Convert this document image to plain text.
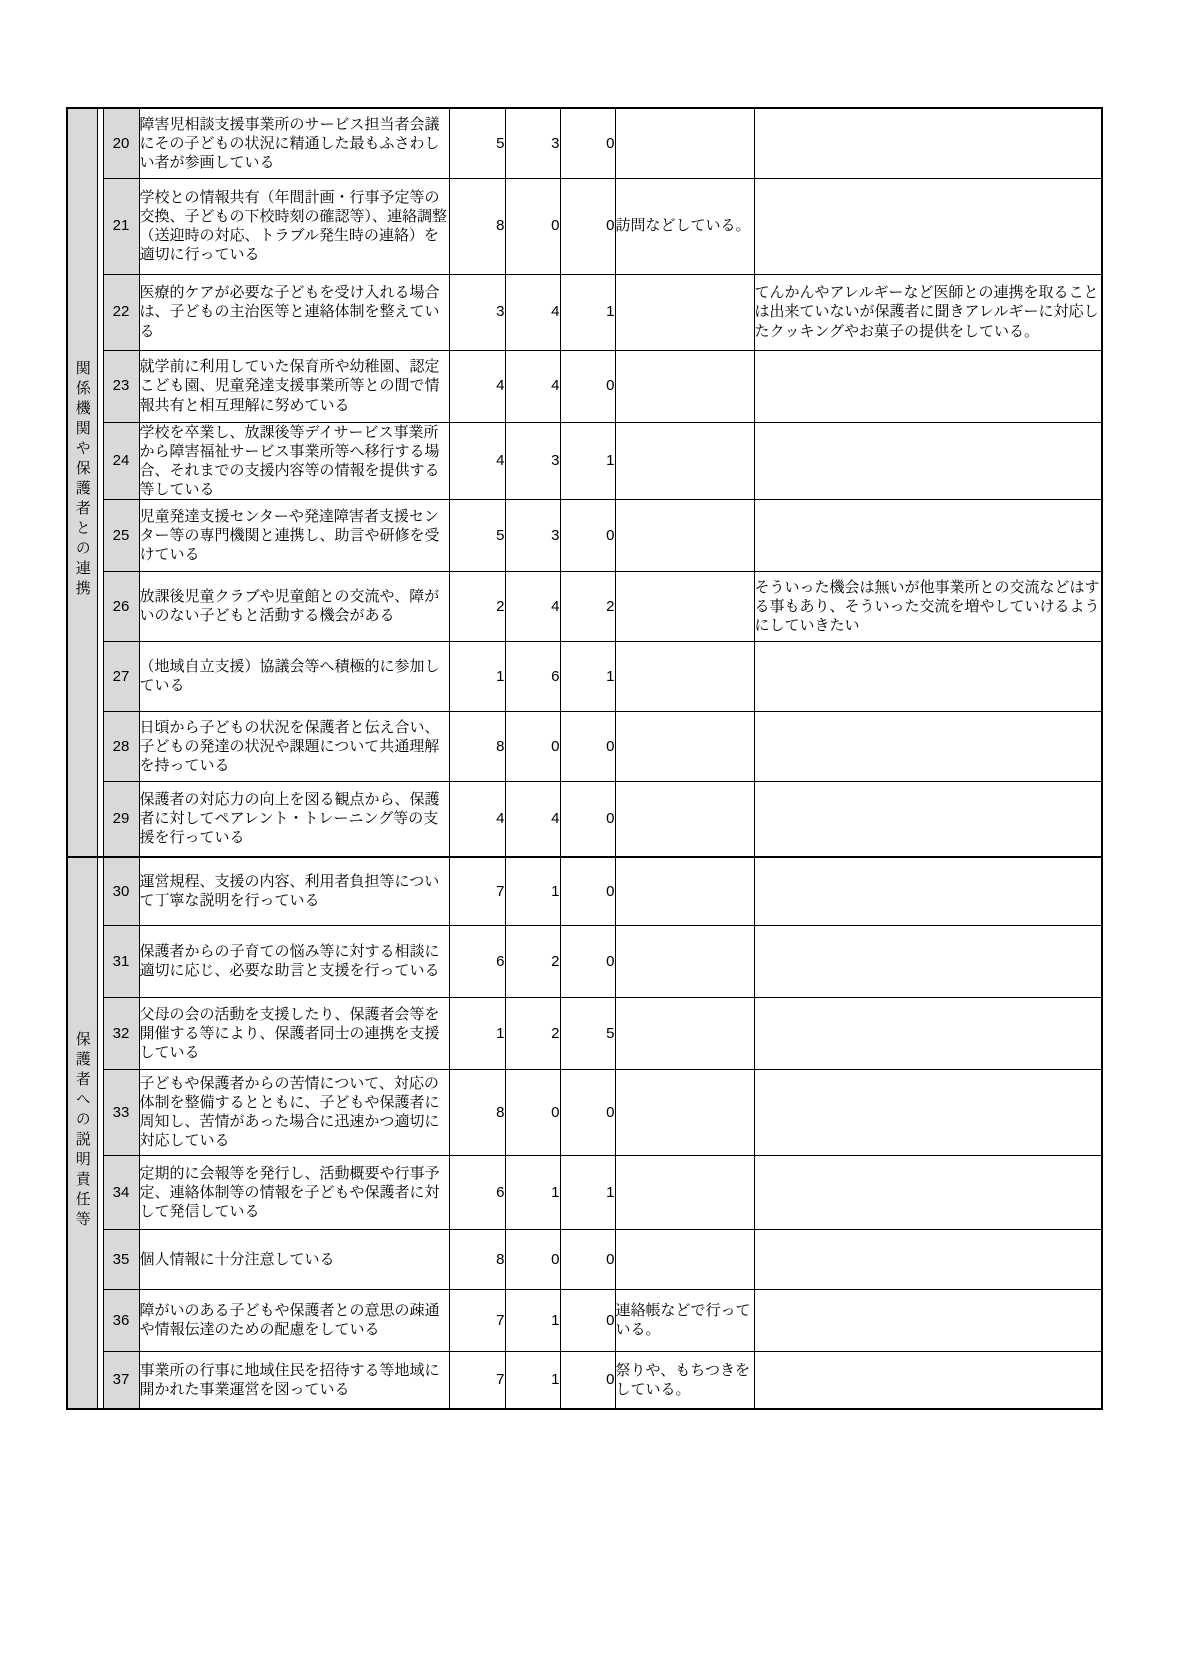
関係機関や保護者との連携		20	障害児相談支援事業所のサービス担当者会議にその子どもの状況に精通した最もふさわしい者が参画している	5	3	0		
		21	学校との情報共有（年間計画・行事予定等の交換、子どもの下校時刻の確認等）、連絡調整（送迎時の対応、トラブル発生時の連絡）を適切に行っている	8	0	0	訪問などしている。	
		22	医療的ケアが必要な子どもを受け入れる場合は、子どもの主治医等と連絡体制を整えている	3	4	1		てんかんやアレルギーなど医師との連携を取ることは出来ていないが保護者に聞きアレルギーに対応したクッキングやお菓子の提供をしている。
		23	就学前に利用していた保育所や幼稚園、認定こども園、児童発達支援事業所等との間で情報共有と相互理解に努めている	4	4	0		
		24	学校を卒業し、放課後等デイサービス事業所から障害福祉サービス事業所等へ移行する場合、それまでの支援内容等の情報を提供する等している	4	3	1		
		25	児童発達支援センターや発達障害者支援センター等の専門機関と連携し、助言や研修を受けている	5	3	0		
		26	放課後児童クラブや児童館との交流や、障がいのない子どもと活動する機会がある	2	4	2		そういった機会は無いが他事業所との交流などはする事もあり、そういった交流を増やしていけるようにしていきたい
		27	（地域自立支援）協議会等へ積極的に参加している	1	6	1		
		28	日頃から子どもの状況を保護者と伝え合い、子どもの発達の状況や課題について共通理解を持っている	8	0	0		
		29	保護者の対応力の向上を図る観点から、保護者に対してペアレント・トレーニング等の支援を行っている	4	4	0		
保護者への説明責任等		30	運営規程、支援の内容、利用者負担等について丁寧な説明を行っている	7	1	0		
		31	保護者からの子育ての悩み等に対する相談に適切に応じ、必要な助言と支援を行っている	6	2	0		
		32	父母の会の活動を支援したり、保護者会等を開催する等により、保護者同士の連携を支援している	1	2	5		
		33	子どもや保護者からの苦情について、対応の体制を整備するとともに、子どもや保護者に周知し、苦情があった場合に迅速かつ適切に対応している	8	0	0		
		34	定期的に会報等を発行し、活動概要や行事予定、連絡体制等の情報を子どもや保護者に対して発信している	6	1	1		
		35	個人情報に十分注意している	8	0	0		
		36	障がいのある子どもや保護者との意思の疎通や情報伝達のための配慮をしている	7	1	0	連絡帳などで行っている。	
		37	事業所の行事に地域住民を招待する等地域に開かれた事業運営を図っている	7	1	0	祭りや、もちつきをしている。	
